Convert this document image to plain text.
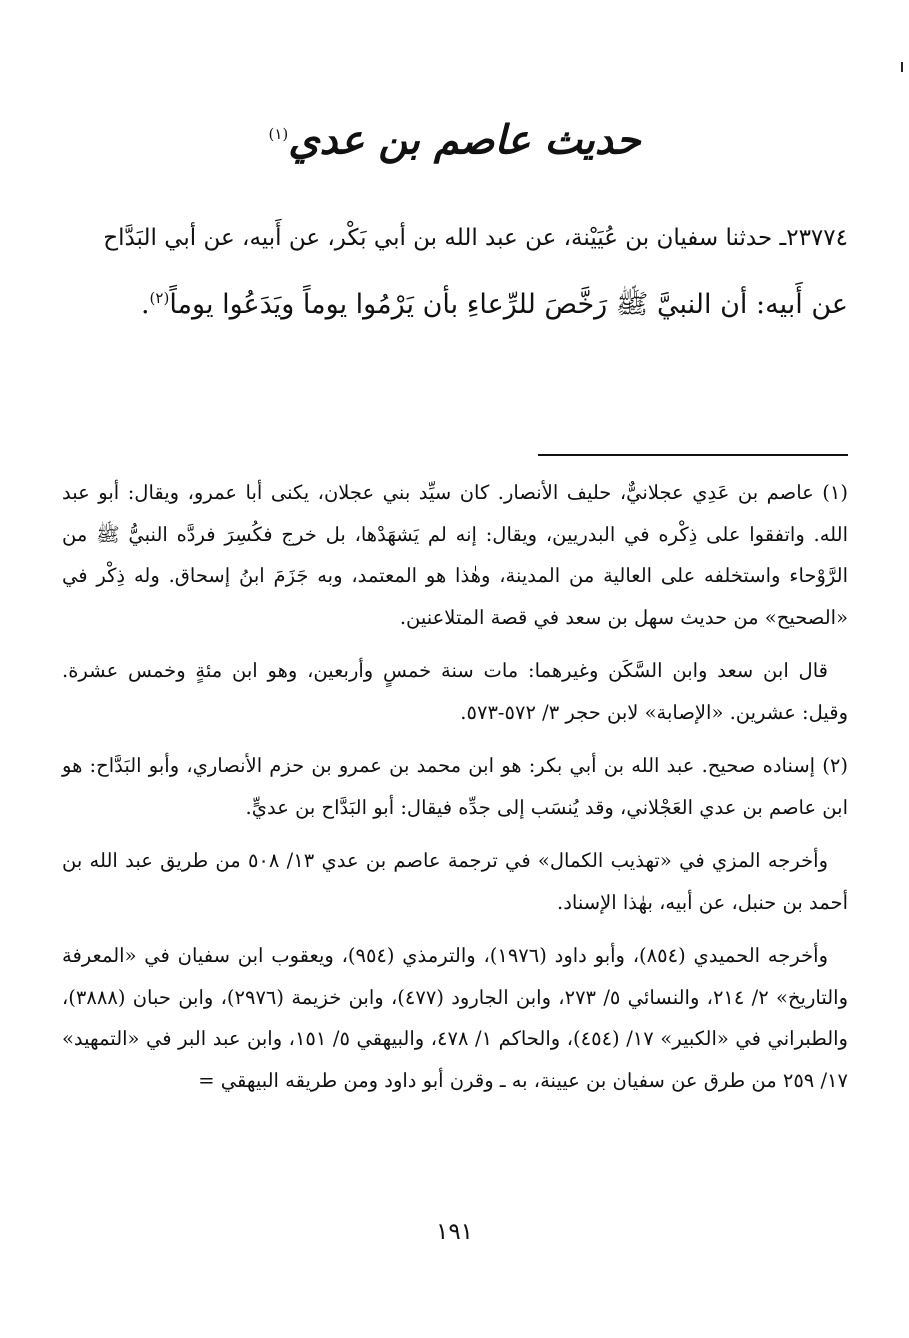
حديث عاصم بن عدي$^{(١)}$

٢٣٧٧٤ـ حدثنا سفيان بن عُيَيْنة، عن عبد الله بن أبي بَكْر، عن أَبيه، عن أبي البَدَّاح

عن أَبيه: أن النبيَّ ﷺ رَخَّصَ للرِّعاءِ بأن يَرْمُوا يوماً ويَدَعُوا يوماً$^{(٢)}$.

(١) عاصم بن عَدِي عجلانيٌّ، حليف الأنصار. كان سيِّد بني عجلان، يكنى أبا عمرو، ويقال: أبو عبد الله. واتفقوا على ذِكْره في البدريين، ويقال: إنه لم يَشهَدْها، بل خرج فكُسِرَ فردَّه النبيُّ ﷺ من الرَّوْحاء واستخلفه على العالية من المدينة، وهٰذا هو المعتمد، وبه جَزَمَ ابنُ إسحاق. وله ذِكْر في «الصحيح» من حديث سهل بن سعد في قصة المتلاعنين.

قال ابن سعد وابن السَّكَن وغيرهما: مات سنة خمسٍ وأربعين، وهو ابن مئةٍ وخمس عشرة. وقيل: عشرين. «الإصابة» لابن حجر ٣/ ٥٧٢-٥٧٣.

(٢) إسناده صحيح. عبد الله بن أبي بكر: هو ابن محمد بن عمرو بن حزم الأنصاري، وأبو البَدَّاح: هو ابن عاصم بن عدي العَجْلاني، وقد يُنسَب إلى جدِّه فيقال: أبو البَدَّاح بن عديٍّ.

وأخرجه المزي في «تهذيب الكمال» في ترجمة عاصم بن عدي ١٣/ ٥٠٨ من طريق عبد الله بن أحمد بن حنبل، عن أبيه، بهٰذا الإسناد.

وأخرجه الحميدي (٨٥٤)، وأبو داود (١٩٧٦)، والترمذي (٩٥٤)، ويعقوب ابن سفيان في «المعرفة والتاريخ» ٢/ ٢١٤، والنسائي ٥/ ٢٧٣، وابن الجارود (٤٧٧)، وابن خزيمة (٢٩٧٦)، وابن حبان (٣٨٨٨)، والطبراني في «الكبير» ١٧/ (٤٥٤)، والحاكم ١/ ٤٧٨، والبيهقي ٥/ ١٥١، وابن عبد البر في «التمهيد» ١٧/ ٢٥٩ من طرق عن سفيان بن عيينة، به ـ وقرن أبو داود ومن طريقه البيهقي =

١٩١
